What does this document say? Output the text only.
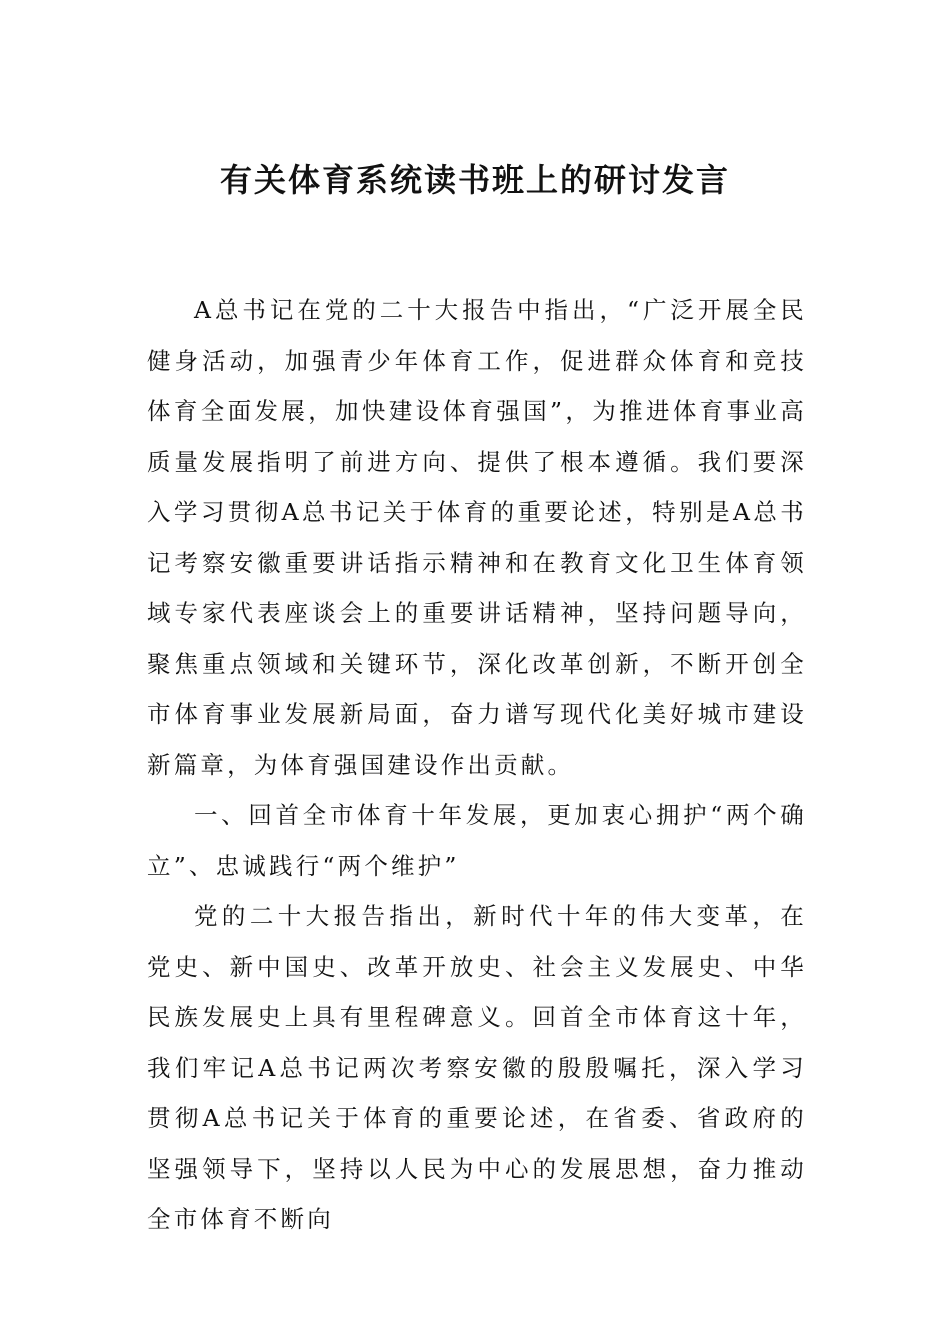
有关体育系统读书班上的研讨发言

A总书记在党的二十大报告中指出，“广泛开展全民健身活动，加强青少年体育工作，促进群众体育和竞技体育全面发展，加快建设体育强国”，为推进体育事业高质量发展指明了前进方向、提供了根本遵循。我们要深入学习贯彻A总书记关于体育的重要论述，特别是A总书记考察安徽重要讲话指示精神和在教育文化卫生体育领域专家代表座谈会上的重要讲话精神，坚持问题导向，聚焦重点领域和关键环节，深化改革创新，不断开创全市体育事业发展新局面，奋力谱写现代化美好城市建设新篇章，为体育强国建设作出贡献。

一、回首全市体育十年发展，更加衷心拥护“两个确立”、忠诚践行“两个维护”

党的二十大报告指出，新时代十年的伟大变革，在党史、新中国史、改革开放史、社会主义发展史、中华民族发展史上具有里程碑意义。回首全市体育这十年，我们牢记A总书记两次考察安徽的殷殷嘱托，深入学习贯彻A总书记关于体育的重要论述，在省委、省政府的坚强领导下，坚持以人民为中心的发展思想，奋力推动全市体育不断向
